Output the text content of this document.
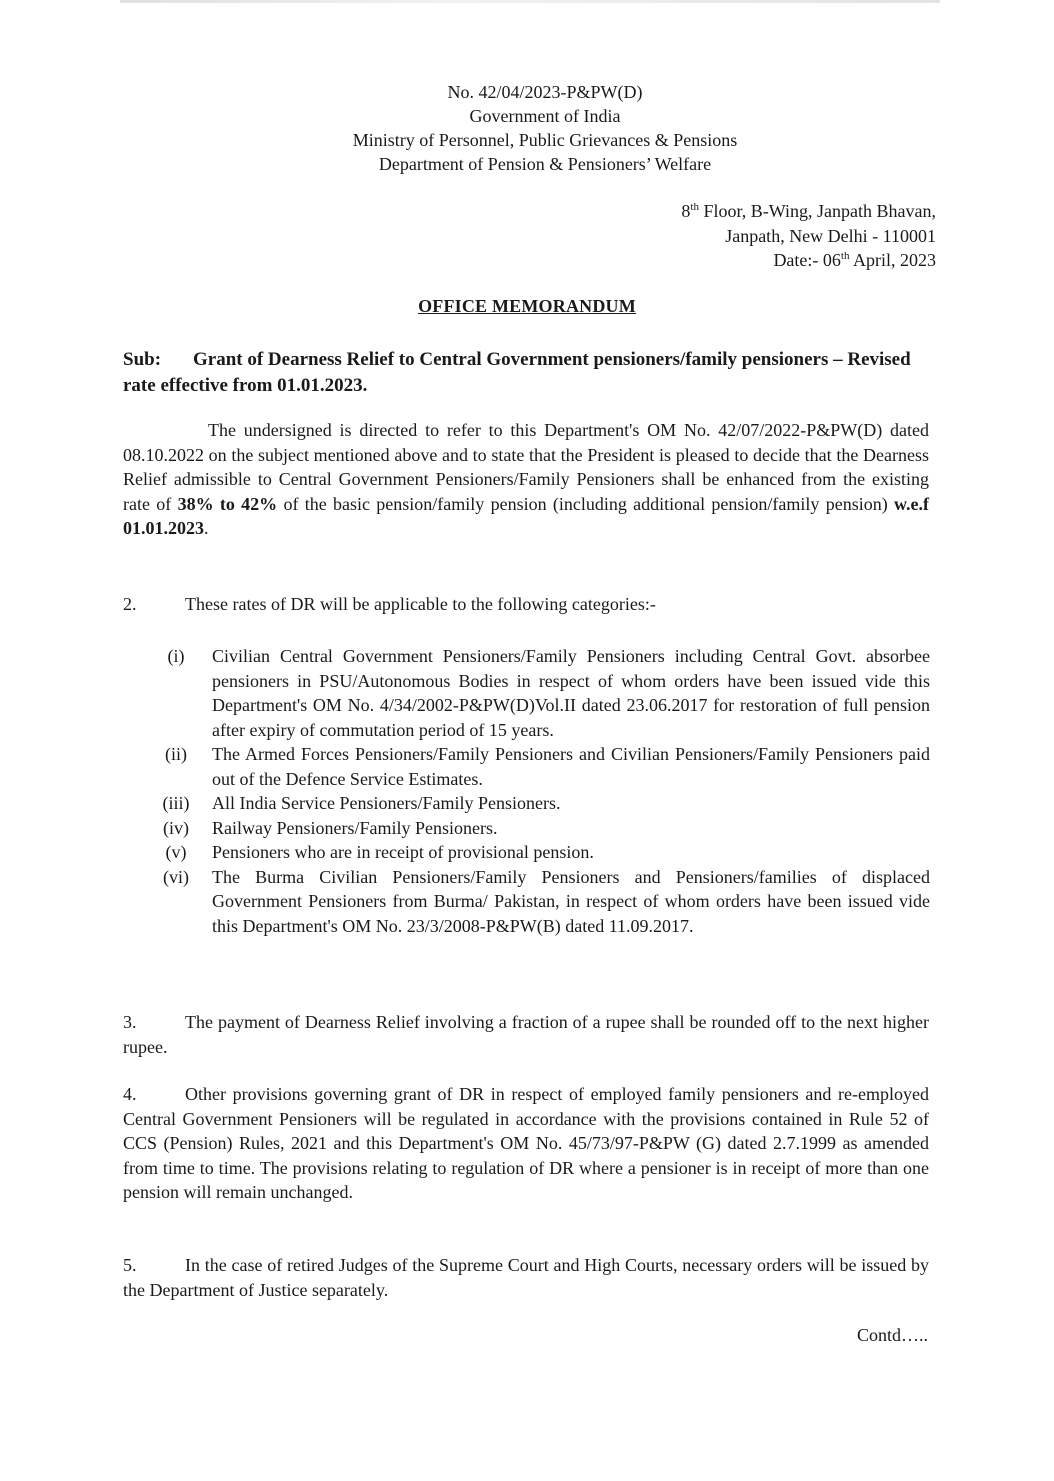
No. 42/04/2023-P&PW(D)
Government of India
Ministry of Personnel, Public Grievances & Pensions
Department of Pension & Pensioners’ Welfare
8th Floor, B-Wing, Janpath Bhavan,
Janpath, New Delhi - 110001
Date:- 06th April, 2023
OFFICE MEMORANDUM
Sub: Grant of Dearness Relief to Central Government pensioners/family pensioners – Revised rate effective from 01.01.2023.
The undersigned is directed to refer to this Department's OM No. 42/07/2022-P&PW(D) dated 08.10.2022 on the subject mentioned above and to state that the President is pleased to decide that the Dearness Relief admissible to Central Government Pensioners/Family Pensioners shall be enhanced from the existing rate of 38% to 42% of the basic pension/family pension (including additional pension/family pension) w.e.f 01.01.2023.
2.	These rates of DR will be applicable to the following categories:-
(i)	Civilian Central Government Pensioners/Family Pensioners including Central Govt. absorbee pensioners in PSU/Autonomous Bodies in respect of whom orders have been issued vide this Department's OM No. 4/34/2002-P&PW(D)Vol.II dated 23.06.2017 for restoration of full pension after expiry of commutation period of 15 years.
(ii)	The Armed Forces Pensioners/Family Pensioners and Civilian Pensioners/Family Pensioners paid out of the Defence Service Estimates.
(iii)	All India Service Pensioners/Family Pensioners.
(iv)	Railway Pensioners/Family Pensioners.
(v)	Pensioners who are in receipt of provisional pension.
(vi)	The Burma Civilian Pensioners/Family Pensioners and Pensioners/families of displaced Government Pensioners from Burma/ Pakistan, in respect of whom orders have been issued vide this Department's OM No. 23/3/2008-P&PW(B) dated 11.09.2017.
3.	The payment of Dearness Relief involving a fraction of a rupee shall be rounded off to the next higher rupee.
4.	Other provisions governing grant of DR in respect of employed family pensioners and re-employed Central Government Pensioners will be regulated in accordance with the provisions contained in Rule 52 of CCS (Pension) Rules, 2021 and this Department's OM No. 45/73/97-P&PW (G) dated 2.7.1999 as amended from time to time. The provisions relating to regulation of DR where a pensioner is in receipt of more than one pension will remain unchanged.
5.	In the case of retired Judges of the Supreme Court and High Courts, necessary orders will be issued by the Department of Justice separately.
Contd…..
